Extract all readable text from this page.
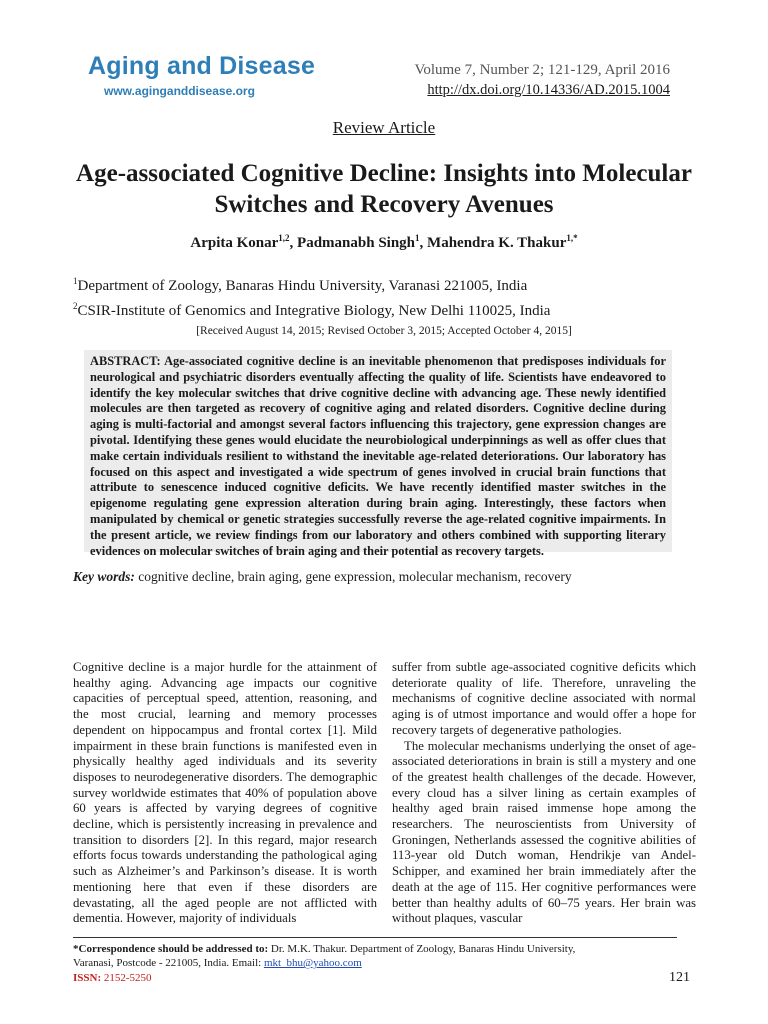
Aging and Disease
www.aginganddisease.org
Volume 7, Number 2; 121-129, April 2016
http://dx.doi.org/10.14336/AD.2015.1004
Review Article
Age-associated Cognitive Decline: Insights into Molecular Switches and Recovery Avenues
Arpita Konar$^{1,2}$, Padmanabh Singh$^1$, Mahendra K. Thakur$^{1,*}$
$^1$Department of Zoology, Banaras Hindu University, Varanasi 221005, India
$^2$CSIR-Institute of Genomics and Integrative Biology, New Delhi 110025, India
[Received August 14, 2015; Revised October 3, 2015; Accepted October 4, 2015]

ABSTRACT: Age-associated cognitive decline is an inevitable phenomenon that predisposes individuals for neurological and psychiatric disorders eventually affecting the quality of life. Scientists have endeavored to identify the key molecular switches that drive cognitive decline with advancing age. These newly identified molecules are then targeted as recovery of cognitive aging and related disorders. Cognitive decline during aging is multi-factorial and amongst several factors influencing this trajectory, gene expression changes are pivotal. Identifying these genes would elucidate the neurobiological underpinnings as well as offer clues that make certain individuals resilient to withstand the inevitable age-related deteriorations. Our laboratory has focused on this aspect and investigated a wide spectrum of genes involved in crucial brain functions that attribute to senescence induced cognitive deficits. We have recently identified master switches in the epigenome regulating gene expression alteration during brain aging. Interestingly, these factors when manipulated by chemical or genetic strategies successfully reverse the age-related cognitive impairments. In the present article, we review findings from our laboratory and others combined with supporting literary evidences on molecular switches of brain aging and their potential as recovery targets.

Key words: cognitive decline, brain aging, gene expression, molecular mechanism, recovery

Cognitive decline is a major hurdle for the attainment of healthy aging. Advancing age impacts our cognitive capacities of perceptual speed, attention, reasoning, and the most crucial, learning and memory processes dependent on hippocampus and frontal cortex [1]. Mild impairment in these brain functions is manifested even in physically healthy aged individuals and its severity disposes to neurodegenerative disorders. The demographic survey worldwide estimates that 40% of population above 60 years is affected by varying degrees of cognitive decline, which is persistently increasing in prevalence and transition to disorders [2]. In this regard, major research efforts focus towards understanding the pathological aging such as Alzheimer’s and Parkinson’s disease. It is worth mentioning here that even if these disorders are devastating, all the aged people are not afflicted with dementia. However, majority of individuals

suffer from subtle age-associated cognitive deficits which deteriorate quality of life. Therefore, unraveling the mechanisms of cognitive decline associated with normal aging is of utmost importance and would offer a hope for recovery targets of degenerative pathologies.

The molecular mechanisms underlying the onset of age-associated deteriorations in brain is still a mystery and one of the greatest health challenges of the decade. However, every cloud has a silver lining as certain examples of healthy aged brain raised immense hope among the researchers. The neuroscientists from University of Groningen, Netherlands assessed the cognitive abilities of 113-year old Dutch woman, Hendrikje van Andel-Schipper, and examined her brain immediately after the death at the age of 115. Her cognitive performances were better than healthy adults of 60–75 years. Her brain was without plaques, vascular

*Correspondence should be addressed to: Dr. M.K. Thakur. Department of Zoology, Banaras Hindu University,
Varanasi, Postcode - 221005, India. Email: mkt_bhu@yahoo.com
ISSN: 2152-5250	121
